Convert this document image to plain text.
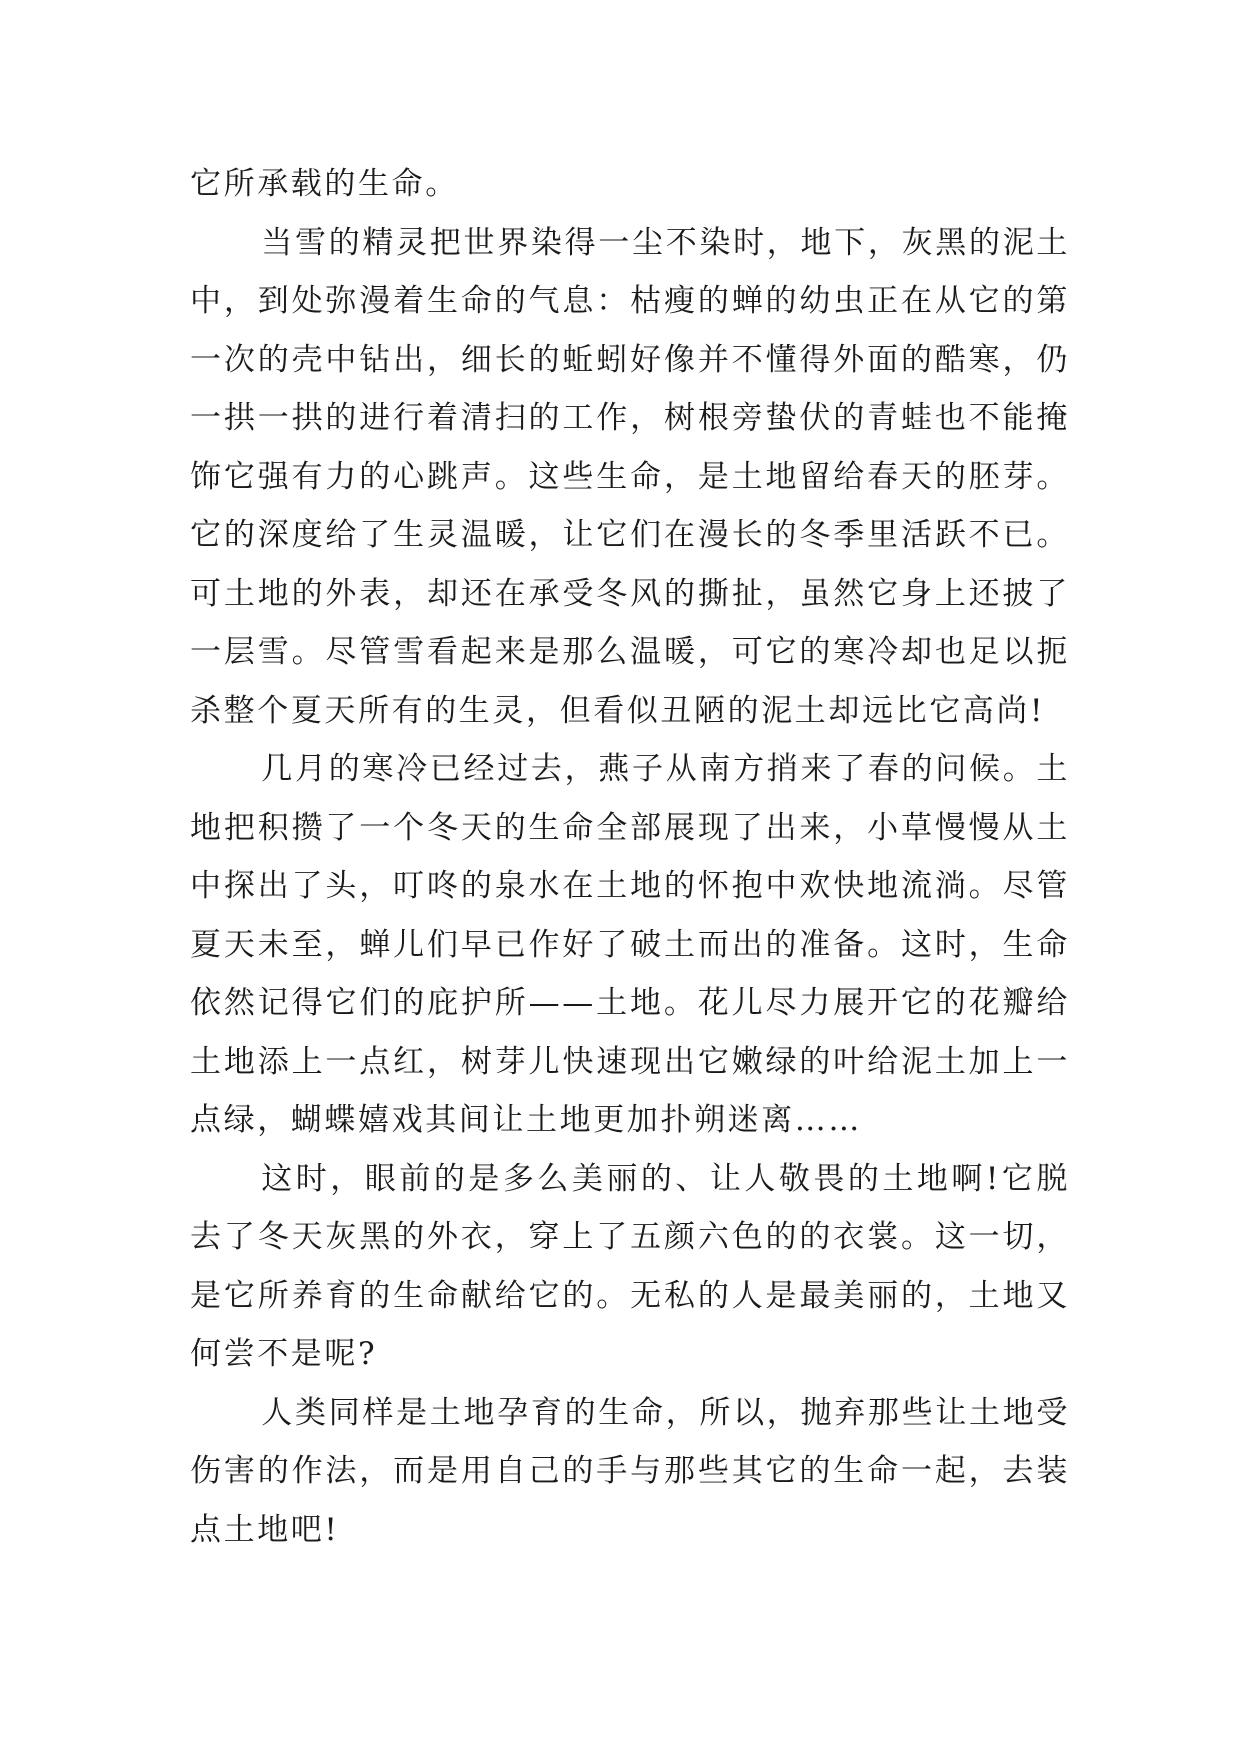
它所承载的生命。

当雪的精灵把世界染得一尘不染时，地下，灰黑的泥土中，到处弥漫着生命的气息：枯瘦的蝉的幼虫正在从它的第一次的壳中钻出，细长的蚯蚓好像并不懂得外面的酷寒，仍一拱一拱的进行着清扫的工作，树根旁蛰伏的青蛙也不能掩饰它强有力的心跳声。这些生命，是土地留给春天的胚芽。它的深度给了生灵温暖，让它们在漫长的冬季里活跃不已。可土地的外表，却还在承受冬风的撕扯，虽然它身上还披了一层雪。尽管雪看起来是那么温暖，可它的寒冷却也足以扼杀整个夏天所有的生灵，但看似丑陋的泥土却远比它高尚!

几月的寒冷已经过去，燕子从南方捎来了春的问候。土地把积攒了一个冬天的生命全部展现了出来，小草慢慢从土中探出了头，叮咚的泉水在土地的怀抱中欢快地流淌。尽管夏天未至，蝉儿们早已作好了破土而出的准备。这时，生命依然记得它们的庇护所——土地。花儿尽力展开它的花瓣给土地添上一点红，树芽儿快速现出它嫩绿的叶给泥土加上一点绿，蝴蝶嬉戏其间让土地更加扑朔迷离……

这时，眼前的是多么美丽的、让人敬畏的土地啊!它脱去了冬天灰黑的外衣，穿上了五颜六色的的衣裳。这一切，是它所养育的生命献给它的。无私的人是最美丽的，土地又何尝不是呢?

人类同样是土地孕育的生命，所以，抛弃那些让土地受伤害的作法，而是用自己的手与那些其它的生命一起，去装点土地吧!
